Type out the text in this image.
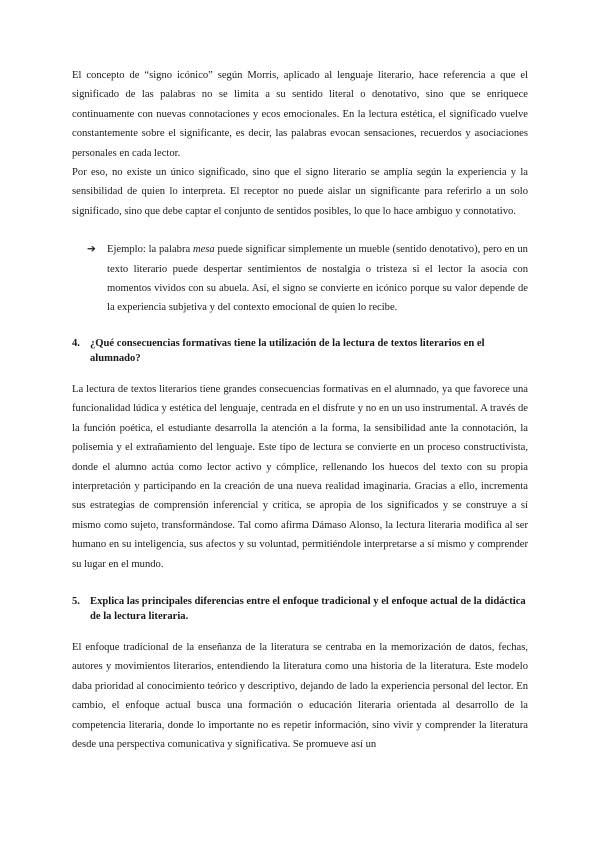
El concepto de “signo icónico” según Morris, aplicado al lenguaje literario, hace referencia a que el significado de las palabras no se limita a su sentido literal o denotativo, sino que se enriquece continuamente con nuevas connotaciones y ecos emocionales. En la lectura estética, el significado vuelve constantemente sobre el significante, es decir, las palabras evocan sensaciones, recuerdos y asociaciones personales en cada lector.

Por eso, no existe un único significado, sino que el signo literario se amplía según la experiencia y la sensibilidad de quien lo interpreta. El receptor no puede aislar un significante para referirlo a un solo significado, sino que debe captar el conjunto de sentidos posibles, lo que lo hace ambiguo y connotativo.

➔ Ejemplo: la palabra mesa puede significar simplemente un mueble (sentido denotativo), pero en un texto literario puede despertar sentimientos de nostalgia o tristeza si el lector la asocia con momentos vividos con su abuela. Así, el signo se convierte en icónico porque su valor depende de la experiencia subjetiva y del contexto emocional de quien lo recibe.
4. ¿Qué consecuencias formativas tiene la utilización de la lectura de textos literarios en el alumnado?

La lectura de textos literarios tiene grandes consecuencias formativas en el alumnado, ya que favorece una funcionalidad lúdica y estética del lenguaje, centrada en el disfrute y no en un uso instrumental. A través de la función poética, el estudiante desarrolla la atención a la forma, la sensibilidad ante la connotación, la polisemia y el extrañamiento del lenguaje. Este tipo de lectura se convierte en un proceso constructivista, donde el alumno actúa como lector activo y cómplice, rellenando los huecos del texto con su propia interpretación y participando en la creación de una nueva realidad imaginaria. Gracias a ello, incrementa sus estrategias de comprensión inferencial y crítica, se apropia de los significados y se construye a sí mismo como sujeto, transformándose. Tal como afirma Dámaso Alonso, la lectura literaria modifica al ser humano en su inteligencia, sus afectos y su voluntad, permitiéndole interpretarse a sí mismo y comprender su lugar en el mundo.

5. Explica las principales diferencias entre el enfoque tradicional y el enfoque actual de la didáctica de la lectura literaria.

El enfoque tradicional de la enseñanza de la literatura se centraba en la memorización de datos, fechas, autores y movimientos literarios, entendiendo la literatura como una historia de la literatura. Este modelo daba prioridad al conocimiento teórico y descriptivo, dejando de lado la experiencia personal del lector. En cambio, el enfoque actual busca una formación o educación literaria orientada al desarrollo de la competencia literaria, donde lo importante no es repetir información, sino vivir y comprender la literatura desde una perspectiva comunicativa y significativa. Se promueve así un
